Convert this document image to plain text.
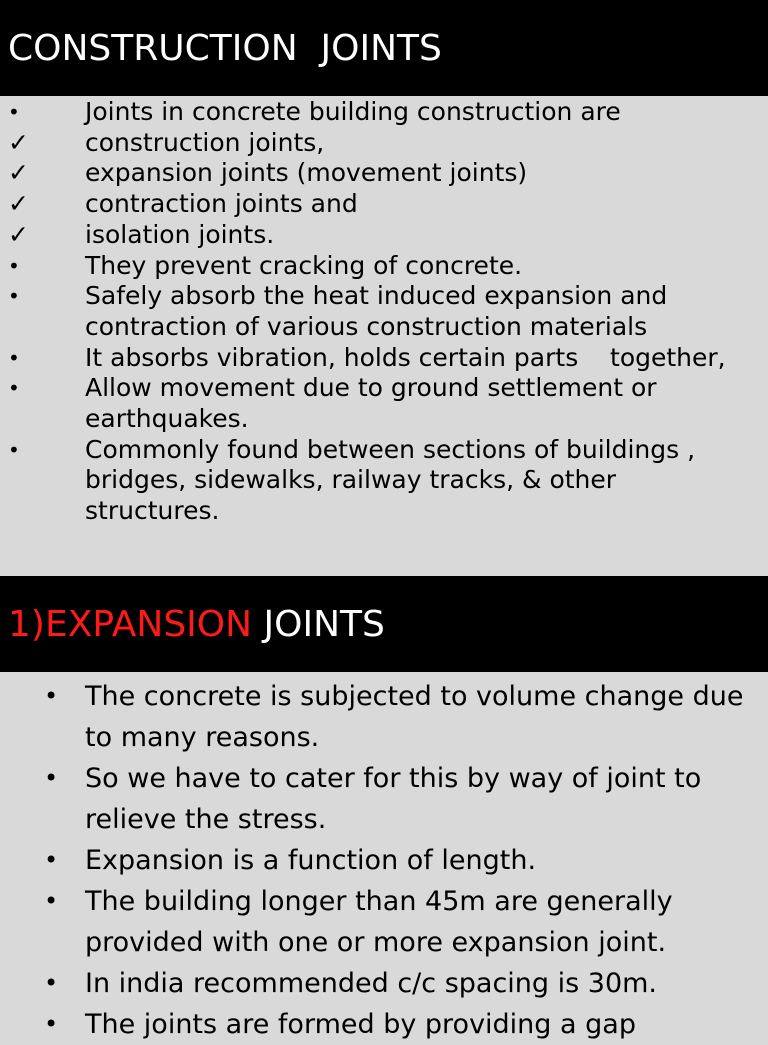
CONSTRUCTION  JOINTS
•	Joints in concrete building construction are
✓ construction joints,
✓ expansion joints (movement joints)
✓ contraction joints and
✓ isolation joints.
•	They prevent cracking of concrete.
•	Safely absorb the heat induced expansion and contraction of various construction materials
•	It absorbs vibration, holds certain parts    together,
•	Allow movement due to ground settlement or earthquakes.
•	Commonly found between sections of buildings , bridges, sidewalks, railway tracks, & other structures.
1)EXPANSION JOINTS
• The concrete is subjected to volume change due to many reasons.
• So we have to cater for this by way of joint to relieve the stress.
• Expansion is a function of length.
• The building longer than 45m are generally provided with one or more expansion joint.
• In india recommended c/c spacing is 30m.
• The joints are formed by providing a gap
